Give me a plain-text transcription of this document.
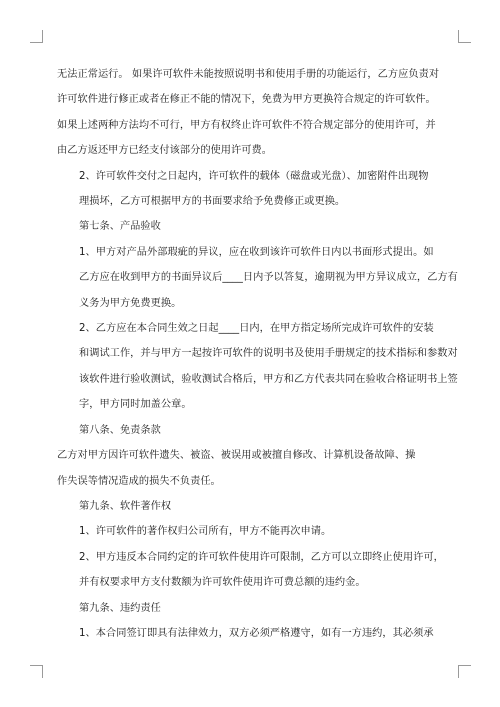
无法正常运行。 如果许可软件未能按照说明书和使用手册的功能运行，乙方应负责对
许可软件进行修正或者在修正不能的情况下，免费为甲方更换符合规定的许可软件。
如果上述两种方法均不可行，甲方有权终止许可软件不符合规定部分的使用许可，并
由乙方返还甲方已经支付该部分的使用许可费。
2、许可软件交付之日起内，许可软件的载体（磁盘或光盘）、加密附件出现物
理损坏，乙方可根据甲方的书面要求给予免费修正或更换。
第七条、产品验收
1、甲方对产品外部瑕疵的异议，应在收到该许可软件日内以书面形式提出。如
乙方应在收到甲方的书面异议后____日内予以答复，逾期视为甲方异议成立，乙方有
义务为甲方免费更换。
2、乙方应在本合同生效之日起____日内，在甲方指定场所完成许可软件的安装
和调试工作，并与甲方一起按许可软件的说明书及使用手册规定的技术指标和参数对
该软件进行验收测试，验收测试合格后，甲方和乙方代表共同在验收合格证明书上签
字，甲方同时加盖公章。
第八条、免责条款
乙方对甲方因许可软件遗失、被盗、被误用或被擅自修改、计算机设备故障、操
作失误等情况造成的损失不负责任。
第九条、软件著作权
1、许可软件的著作权归公司所有，甲方不能再次申请。
2、甲方违反本合同约定的许可软件使用许可限制，乙方可以立即终止使用许可，
并有权要求甲方支付数额为许可软件使用许可费总额的违约金。
第九条、违约责任
1、本合同签订即具有法律效力，双方必须严格遵守，如有一方违约，其必须承
